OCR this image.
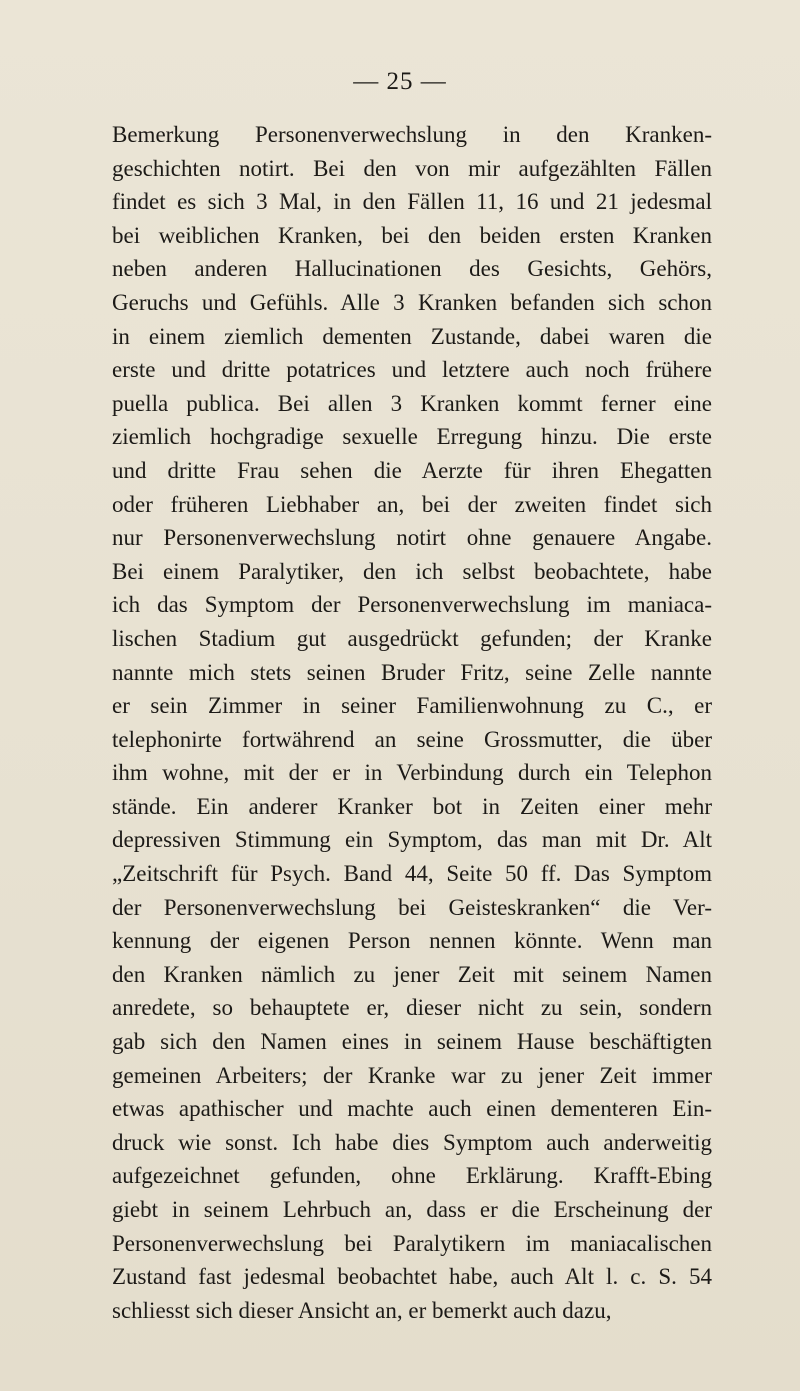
— 25 —
Bemerkung Personenverwechslung in den Kranken-
geschichten notirt. Bei den von mir aufgezählten Fällen
findet es sich 3 Mal, in den Fällen 11, 16 und 21 jedesmal
bei weiblichen Kranken, bei den beiden ersten Kranken
neben anderen Hallucinationen des Gesichts, Gehörs,
Geruchs und Gefühls. Alle 3 Kranken befanden sich schon
in einem ziemlich dementen Zustande, dabei waren die
erste und dritte potatrices und letztere auch noch frühere
puella publica. Bei allen 3 Kranken kommt ferner eine
ziemlich hochgradige sexuelle Erregung hinzu. Die erste
und dritte Frau sehen die Aerzte für ihren Ehegatten
oder früheren Liebhaber an, bei der zweiten findet sich
nur Personenverwechslung notirt ohne genauere Angabe.
Bei einem Paralytiker, den ich selbst beobachtete, habe
ich das Symptom der Personenverwechslung im maniaca-
lischen Stadium gut ausgedrückt gefunden; der Kranke
nannte mich stets seinen Bruder Fritz, seine Zelle nannte
er sein Zimmer in seiner Familienwohnung zu C., er
telephonirte fortwährend an seine Grossmutter, die über
ihm wohne, mit der er in Verbindung durch ein Telephon
stände. Ein anderer Kranker bot in Zeiten einer mehr
depressiven Stimmung ein Symptom, das man mit Dr. Alt
„Zeitschrift für Psych. Band 44, Seite 50 ff. Das Symptom
der Personenverwechslung bei Geisteskranken“ die Ver-
kennung der eigenen Person nennen könnte. Wenn man
den Kranken nämlich zu jener Zeit mit seinem Namen
anredete, so behauptete er, dieser nicht zu sein, sondern
gab sich den Namen eines in seinem Hause beschäftigten
gemeinen Arbeiters; der Kranke war zu jener Zeit immer
etwas apathischer und machte auch einen dementeren Ein-
druck wie sonst. Ich habe dies Symptom auch anderweitig
aufgezeichnet gefunden, ohne Erklärung. Krafft-Ebing
giebt in seinem Lehrbuch an, dass er die Erscheinung der
Personenverwechslung bei Paralytikern im maniacalischen
Zustand fast jedesmal beobachtet habe, auch Alt l. c. S. 54
schliesst sich dieser Ansicht an, er bemerkt auch dazu,
